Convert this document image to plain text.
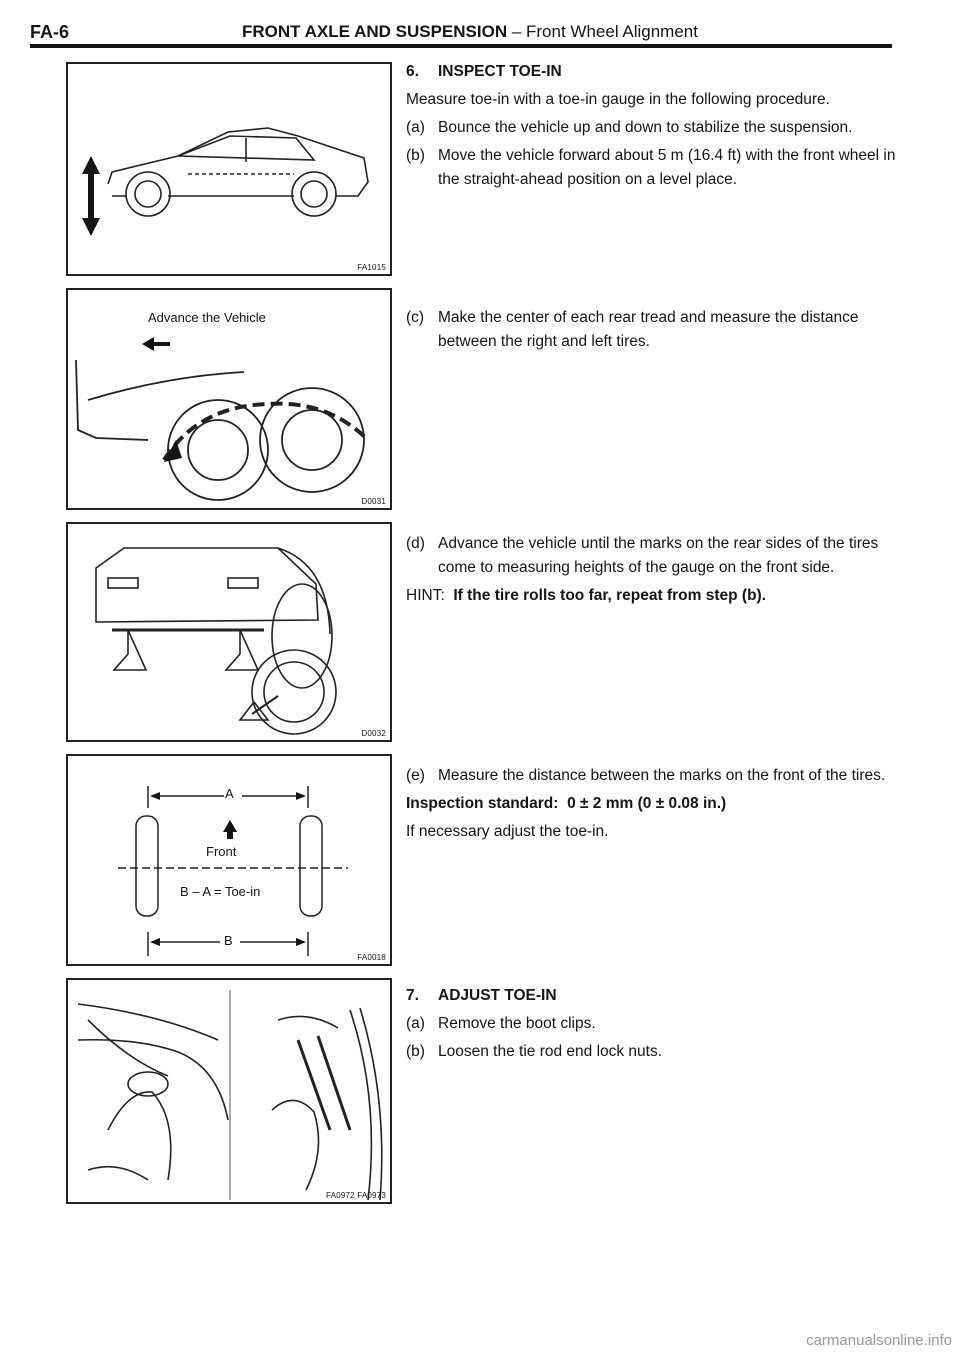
FA-6	FRONT AXLE AND SUSPENSION – Front Wheel Alignment
FA1015
Advance the Vehicle
D0031
D0032
A
Front
B – A = Toe-in
B
FA0018
FA0972 FA0973
6. INSPECT TOE-IN
Measure toe-in with a toe-in gauge in the following procedure.
(a) Bounce the vehicle up and down to stabilize the suspension.
(b) Move the vehicle forward about 5 m (16.4 ft) with the front wheel in the straight-ahead position on a level place.
(c) Make the center of each rear tread and measure the distance between the right and left tires.
(d) Advance the vehicle until the marks on the rear sides of the tires come to measuring heights of the gauge on the front side.
HINT: If the tire rolls too far, repeat from step (b).
(e) Measure the distance between the marks on the front of the tires.
Inspection standard: 0 ± 2 mm (0 ± 0.08 in.)
If necessary adjust the toe-in.
7. ADJUST TOE-IN
(a) Remove the boot clips.
(b) Loosen the tie rod end lock nuts.
carmanualsonline.info
